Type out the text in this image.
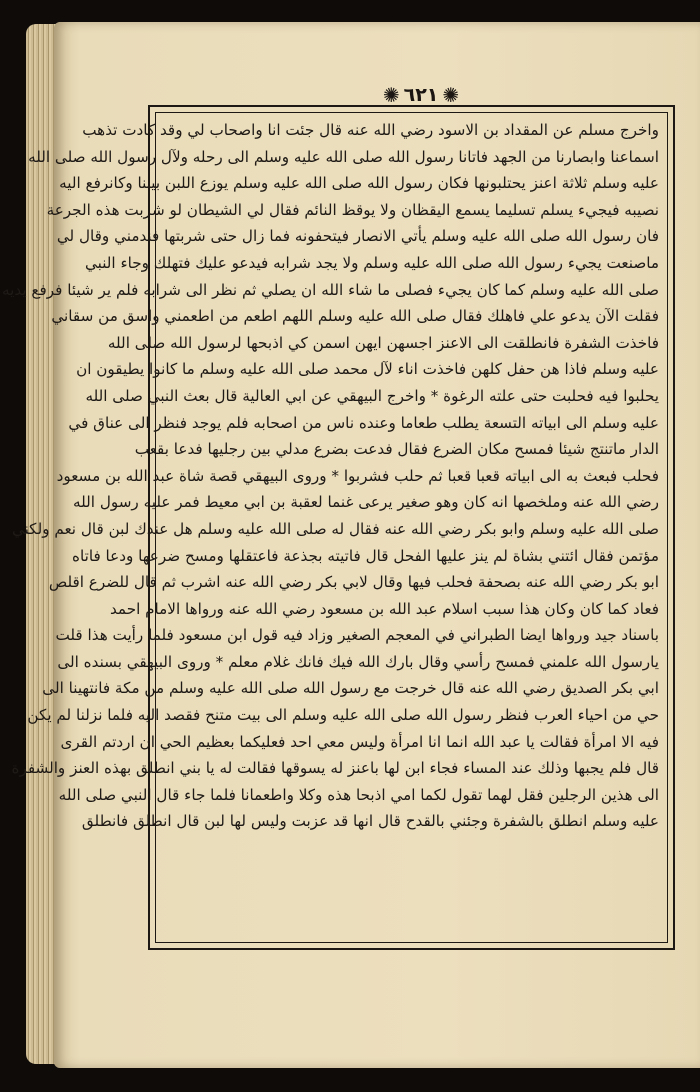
✺ ٦٢١ ✺
واخرج مسلم عن المقداد بن الاسود رضي الله عنه قال جئت انا واصحاب لي وقد كادت تذهب
اسماعنا وابصارنا من الجهد فاتانا رسول الله صلى الله عليه وسلم الى رحله ولآل رسول الله صلى الله
عليه وسلم ثلاثة اعنز يحتلبونها فكان رسول الله صلى الله عليه وسلم يوزع اللبن بيننا وكانرفع اليه
نصيبه فيجيء يسلم تسليما يسمع اليقظان ولا يوقظ النائم فقال لي الشيطان لو شربت هذه الجرعة
فان رسول الله صلى الله عليه وسلم يأتي الانصار فيتحفونه فما زال حتى شربتها فندمني وقال لي
ماصنعت يجيء رسول الله صلى الله عليه وسلم ولا يجد شرابه فيدعو عليك فتهلك وجاء النبي
صلى الله عليه وسلم كما كان يجيء فصلى ما شاء الله ان يصلي ثم نظر الى شرابه فلم ير شيئا فرفع يديه
فقلت الآن يدعو علي فاهلك فقال صلى الله عليه وسلم اللهم اطعم من اطعمني واسق من سقاني
فاخذت الشفرة فانطلقت الى الاعنز اجسهن ايهن اسمن كي اذبحها لرسول الله صلى الله
عليه وسلم فاذا هن حفل كلهن فاخذت اناء لآل محمد صلى الله عليه وسلم ما كانوا يطيقون ان
يحلبوا فيه فحلبت حتى علته الرغوة * واخرج البيهقي عن ابي العالية قال بعث النبي صلى الله
عليه وسلم الى ابياته التسعة يطلب طعاما وعنده ناس من اصحابه فلم يوجد فنظر الى عناق في
الدار ماتنتج شيئا فمسح مكان الضرع فقال فدعت بضرع مدلي بين رجليها فدعا بقعب
فحلب فبعث به الى ابياته قعبا قعبا ثم حلب فشربوا * وروى البيهقي قصة شاة عبد الله بن مسعود
رضي الله عنه وملخصها انه كان وهو صغير يرعى غنما لعقبة بن ابي معيط فمر عليه رسول الله
صلى الله عليه وسلم وابو بكر رضي الله عنه فقال له صلى الله عليه وسلم هل عندك لبن قال نعم ولكني
مؤتمن فقال ائتني بشاة لم ينز عليها الفحل قال فاتيته بجذعة فاعتقلها ومسح ضرعها ودعا فاتاه
ابو بكر رضي الله عنه بصحفة فحلب فيها وقال لابي بكر رضي الله عنه اشرب ثم قال للضرع اقلص
فعاد كما كان وكان هذا سبب اسلام عبد الله بن مسعود رضي الله عنه ورواها الامام احمد
باسناد جيد ورواها ايضا الطبراني في المعجم الصغير وزاد فيه قول ابن مسعود فلما رأيت هذا قلت
يارسول الله علمني فمسح رأسي وقال بارك الله فيك فانك غلام معلم * وروى البيهقي بسنده الى
ابي بكر الصديق رضي الله عنه قال خرجت مع رسول الله صلى الله عليه وسلم من مكة فانتهينا الى
حي من احياء العرب فنظر رسول الله صلى الله عليه وسلم الى بيت متنح فقصد اليه فلما نزلنا لم يكن
فيه الا امرأة فقالت يا عبد الله انما انا امرأة وليس معي احد فعليكما بعظيم الحي ان اردتم القرى
قال فلم يجبها وذلك عند المساء فجاء ابن لها باعنز له يسوقها فقالت له يا بني انطلق بهذه العنز والشفرة
الى هذين الرجلين فقل لهما تقول لكما امي اذبحا هذه وكلا واطعمانا فلما جاء قال النبي صلى الله
عليه وسلم انطلق بالشفرة وجئني بالقدح قال انها قد عزبت وليس لها لبن قال انطلق فانطلق
